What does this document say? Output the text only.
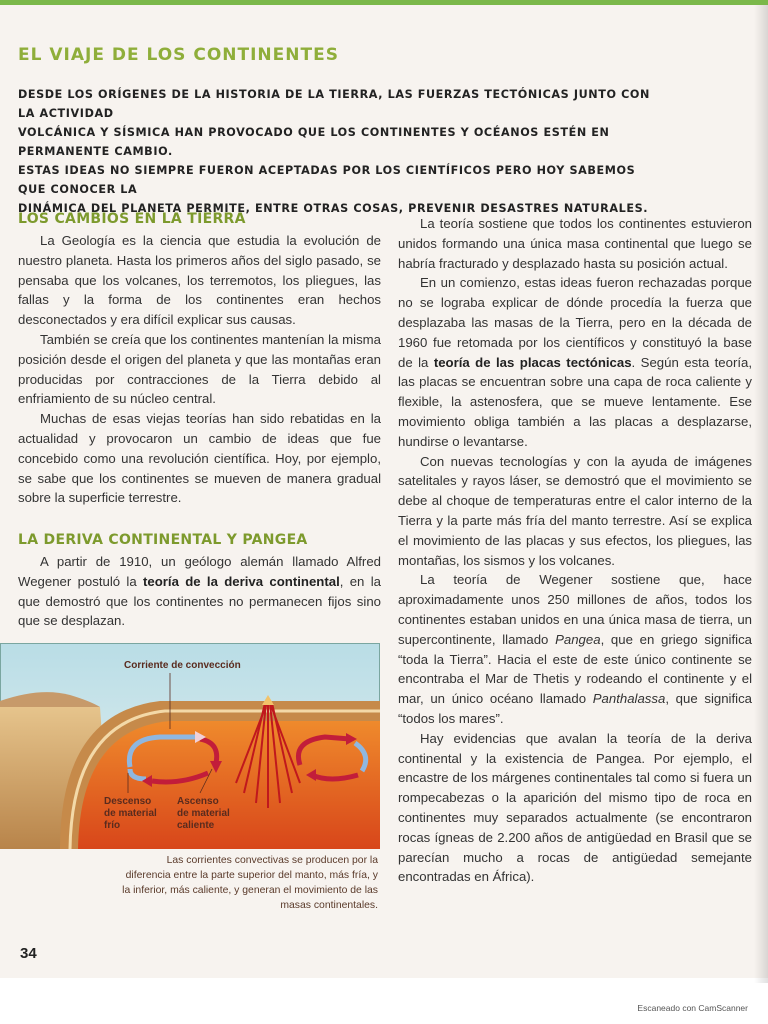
EL VIAJE DE LOS CONTINENTES

DESDE LOS ORÍGENES DE LA HISTORIA DE LA TIERRA, LAS FUERZAS TECTÓNICAS JUNTO CON LA ACTIVIDAD

VOLCÁNICA Y SÍSMICA HAN PROVOCADO QUE LOS CONTINENTES Y OCÉANOS ESTÉN EN PERMANENTE CAMBIO.

ESTAS IDEAS NO SIEMPRE FUERON ACEPTADAS POR LOS CIENTÍFICOS PERO HOY SABEMOS QUE CONOCER LA

DINÁMICA DEL PLANETA PERMITE, ENTRE OTRAS COSAS, PREVENIR DESASTRES NATURALES.

LOS CAMBIOS EN LA TIERRA

La Geología es la ciencia que estudia la evolución de nuestro planeta. Hasta los primeros años del siglo pasado, se pensaba que los volcanes, los terremotos, los pliegues, las fallas y la forma de los continentes eran hechos desconectados y era difícil explicar sus causas.

También se creía que los continentes mantenían la misma posición desde el origen del planeta y que las montañas eran producidas por contracciones de la Tierra debido al enfriamiento de su núcleo central.

Muchas de esas viejas teorías han sido rebatidas en la actualidad y provocaron un cambio de ideas que fue concebido como una revolución científica. Hoy, por ejemplo, se sabe que los continentes se mueven de manera gradual sobre la superficie terrestre.

LA DERIVA CONTINENTAL Y PANGEA

A partir de 1910, un geólogo alemán llamado Alfred Wegener postuló la teoría de la deriva continental, en la que demostró que los continentes no permanecen fijos sino que se desplazan.

Corriente de convección
Descenso
de material
frío
Ascenso
de material
caliente
Las corrientes convectivas se producen por la diferencia entre la parte superior del manto, más fría, y la inferior, más caliente, y generan el movimiento de las masas continentales.

La teoría sostiene que todos los continentes estuvieron unidos formando una única masa continental que luego se habría fracturado y desplazado hasta su posición actual.

En un comienzo, estas ideas fueron rechazadas porque no se lograba explicar de dónde procedía la fuerza que desplazaba las masas de la Tierra, pero en la década de 1960 fue retomada por los científicos y constituyó la base de la teoría de las placas tectónicas. Según esta teoría, las placas se encuentran sobre una capa de roca caliente y flexible, la astenosfera, que se mueve lentamente. Ese movimiento obliga también a las placas a desplazarse, hundirse o levantarse.

Con nuevas tecnologías y con la ayuda de imágenes satelitales y rayos láser, se demostró que el movimiento se debe al choque de temperaturas entre el calor interno de la Tierra y la parte más fría del manto terrestre. Así se explica el movimiento de las placas y sus efectos, los pliegues, las montañas, los sismos y los volcanes.

La teoría de Wegener sostiene que, hace aproximadamente unos 250 millones de años, todos los continentes estaban unidos en una única masa de tierra, un supercontinente, llamado Pangea, que en griego significa “toda la Tierra”. Hacia el este de este único continente se encontraba el Mar de Thetis y rodeando el continente y el mar, un único océano llamado Panthalassa, que significa “todos los mares”.

Hay evidencias que avalan la teoría de la deriva continental y la existencia de Pangea. Por ejemplo, el encastre de los márgenes continentales tal como si fuera un rompecabezas o la aparición del mismo tipo de roca en continentes muy separados actualmente (se encontraron rocas ígneas de 2.200 años de antigüedad en Brasil que se parecían mucho a rocas de antigüedad semejante encontradas en África).

34
Escaneado con CamScanner
